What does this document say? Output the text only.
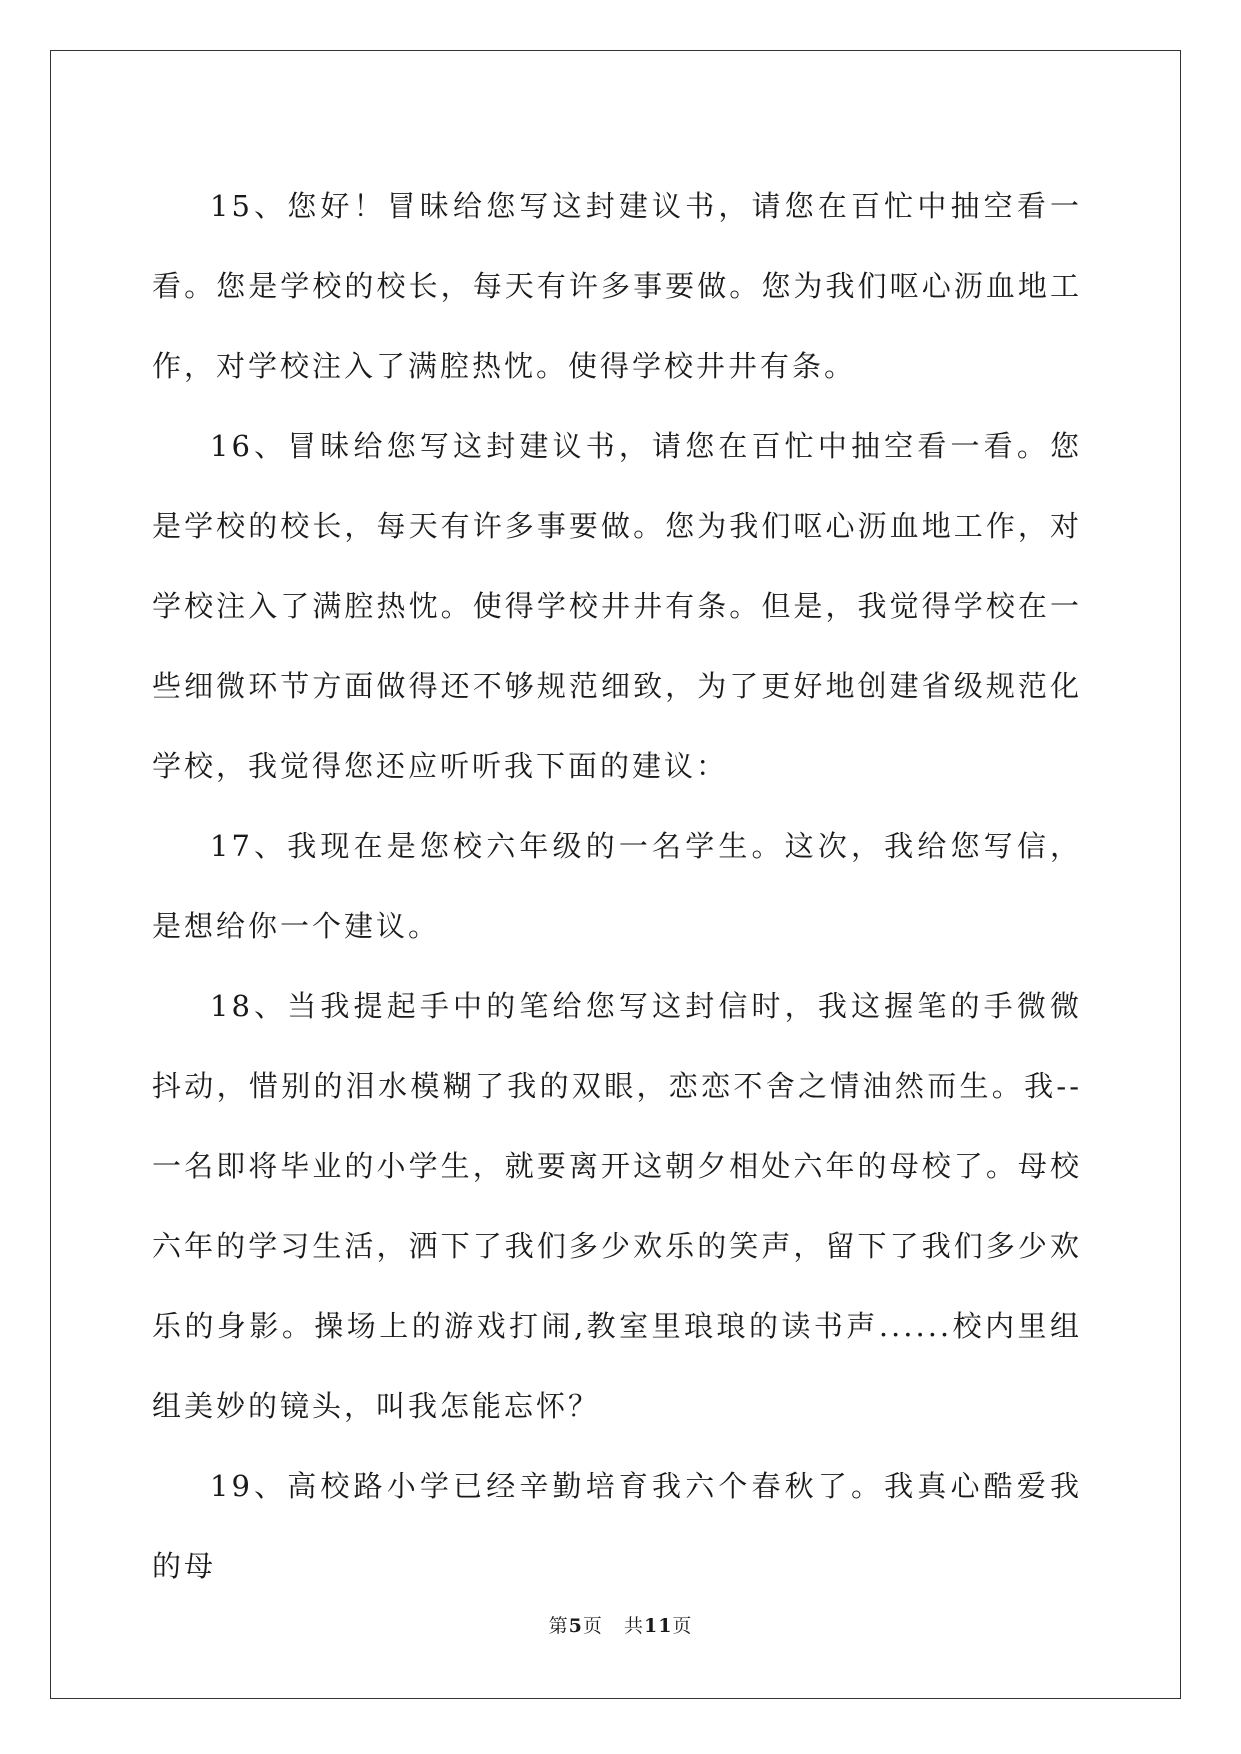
15、您好！冒昧给您写这封建议书，请您在百忙中抽空看一看。您是学校的校长，每天有许多事要做。您为我们呕心沥血地工作，对学校注入了满腔热忱。使得学校井井有条。

16、冒昧给您写这封建议书，请您在百忙中抽空看一看。您是学校的校长，每天有许多事要做。您为我们呕心沥血地工作，对学校注入了满腔热忱。使得学校井井有条。但是，我觉得学校在一些细微环节方面做得还不够规范细致，为了更好地创建省级规范化学校，我觉得您还应听听我下面的建议：

17、我现在是您校六年级的一名学生。这次，我给您写信，是想给你一个建议。

18、当我提起手中的笔给您写这封信时，我这握笔的手微微抖动，惜别的泪水模糊了我的双眼，恋恋不舍之情油然而生。我--一名即将毕业的小学生，就要离开这朝夕相处六年的母校了。母校六年的学习生活，洒下了我们多少欢乐的笑声，留下了我们多少欢乐的身影。操场上的游戏打闹,教室里琅琅的读书声......校内里组组美妙的镜头，叫我怎能忘怀？

19、高校路小学已经辛勤培育我六个春秋了。我真心酷爱我的母

第5页 共11页
